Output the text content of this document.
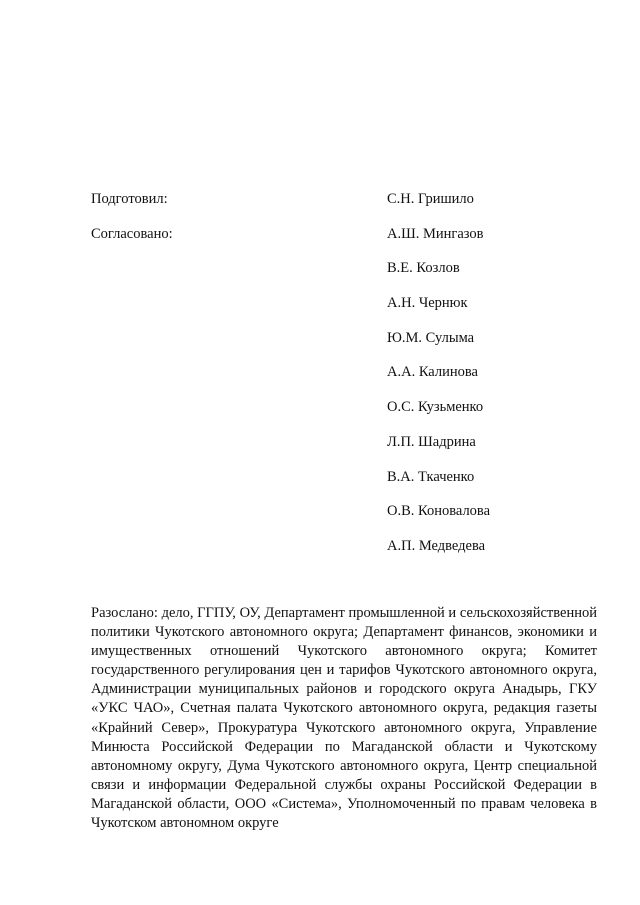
Подготовил:	С.Н. Гришило
Согласовано:	А.Ш. Мингазов
В.Е. Козлов
А.Н. Чернюк
Ю.М. Сулыма
А.А. Калинова
О.С. Кузьменко
Л.П. Шадрина
В.А. Ткаченко
О.В. Коновалова
А.П. Медведева

Разослано: дело, ГГПУ, ОУ, Департамент промышленной и сельскохозяйственной политики Чукотского автономного округа; Департамент финансов, экономики и имущественных отношений Чукотского автономного округа; Комитет государственного регулирования цен и тарифов Чукотского автономного округа, Администрации муниципальных районов и городского округа Анадырь, ГКУ «УКС ЧАО», Счетная палата Чукотского автономного округа, редакция газеты «Крайний Север», Прокуратура Чукотского автономного округа, Управление Минюста Российской Федерации по Магаданской области и Чукотскому автономному округу, Дума Чукотского автономного округа, Центр специальной связи и информации Федеральной службы охраны Российской Федерации в Магаданской области, ООО «Система», Уполномоченный по правам человека в Чукотском автономном округе
